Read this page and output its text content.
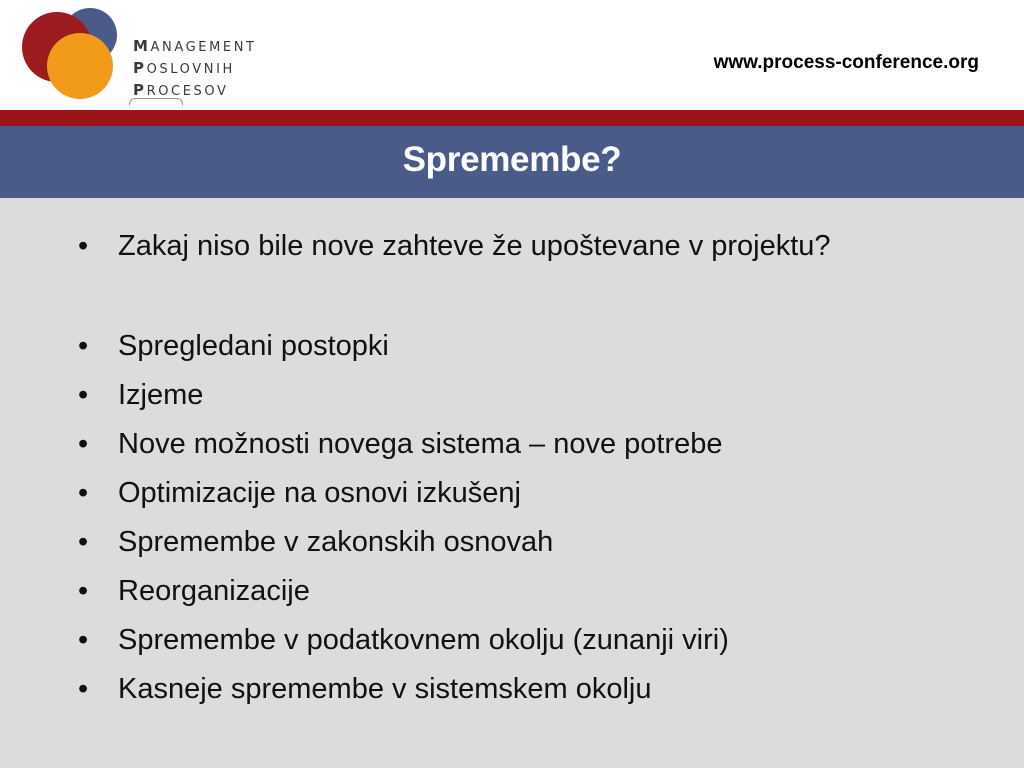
MANAGEMENT
POSLOVNIH
PROCESOV
www.process-conference.org
Spremembe?
• Zakaj niso bile nove zahteve že upoštevane v projektu?
• Spregledani postopki
• Izjeme
• Nove možnosti novega sistema – nove potrebe
• Optimizacije na osnovi izkušenj
• Spremembe v zakonskih osnovah
• Reorganizacije
• Spremembe v podatkovnem okolju (zunanji viri)
• Kasneje spremembe v sistemskem okolju
